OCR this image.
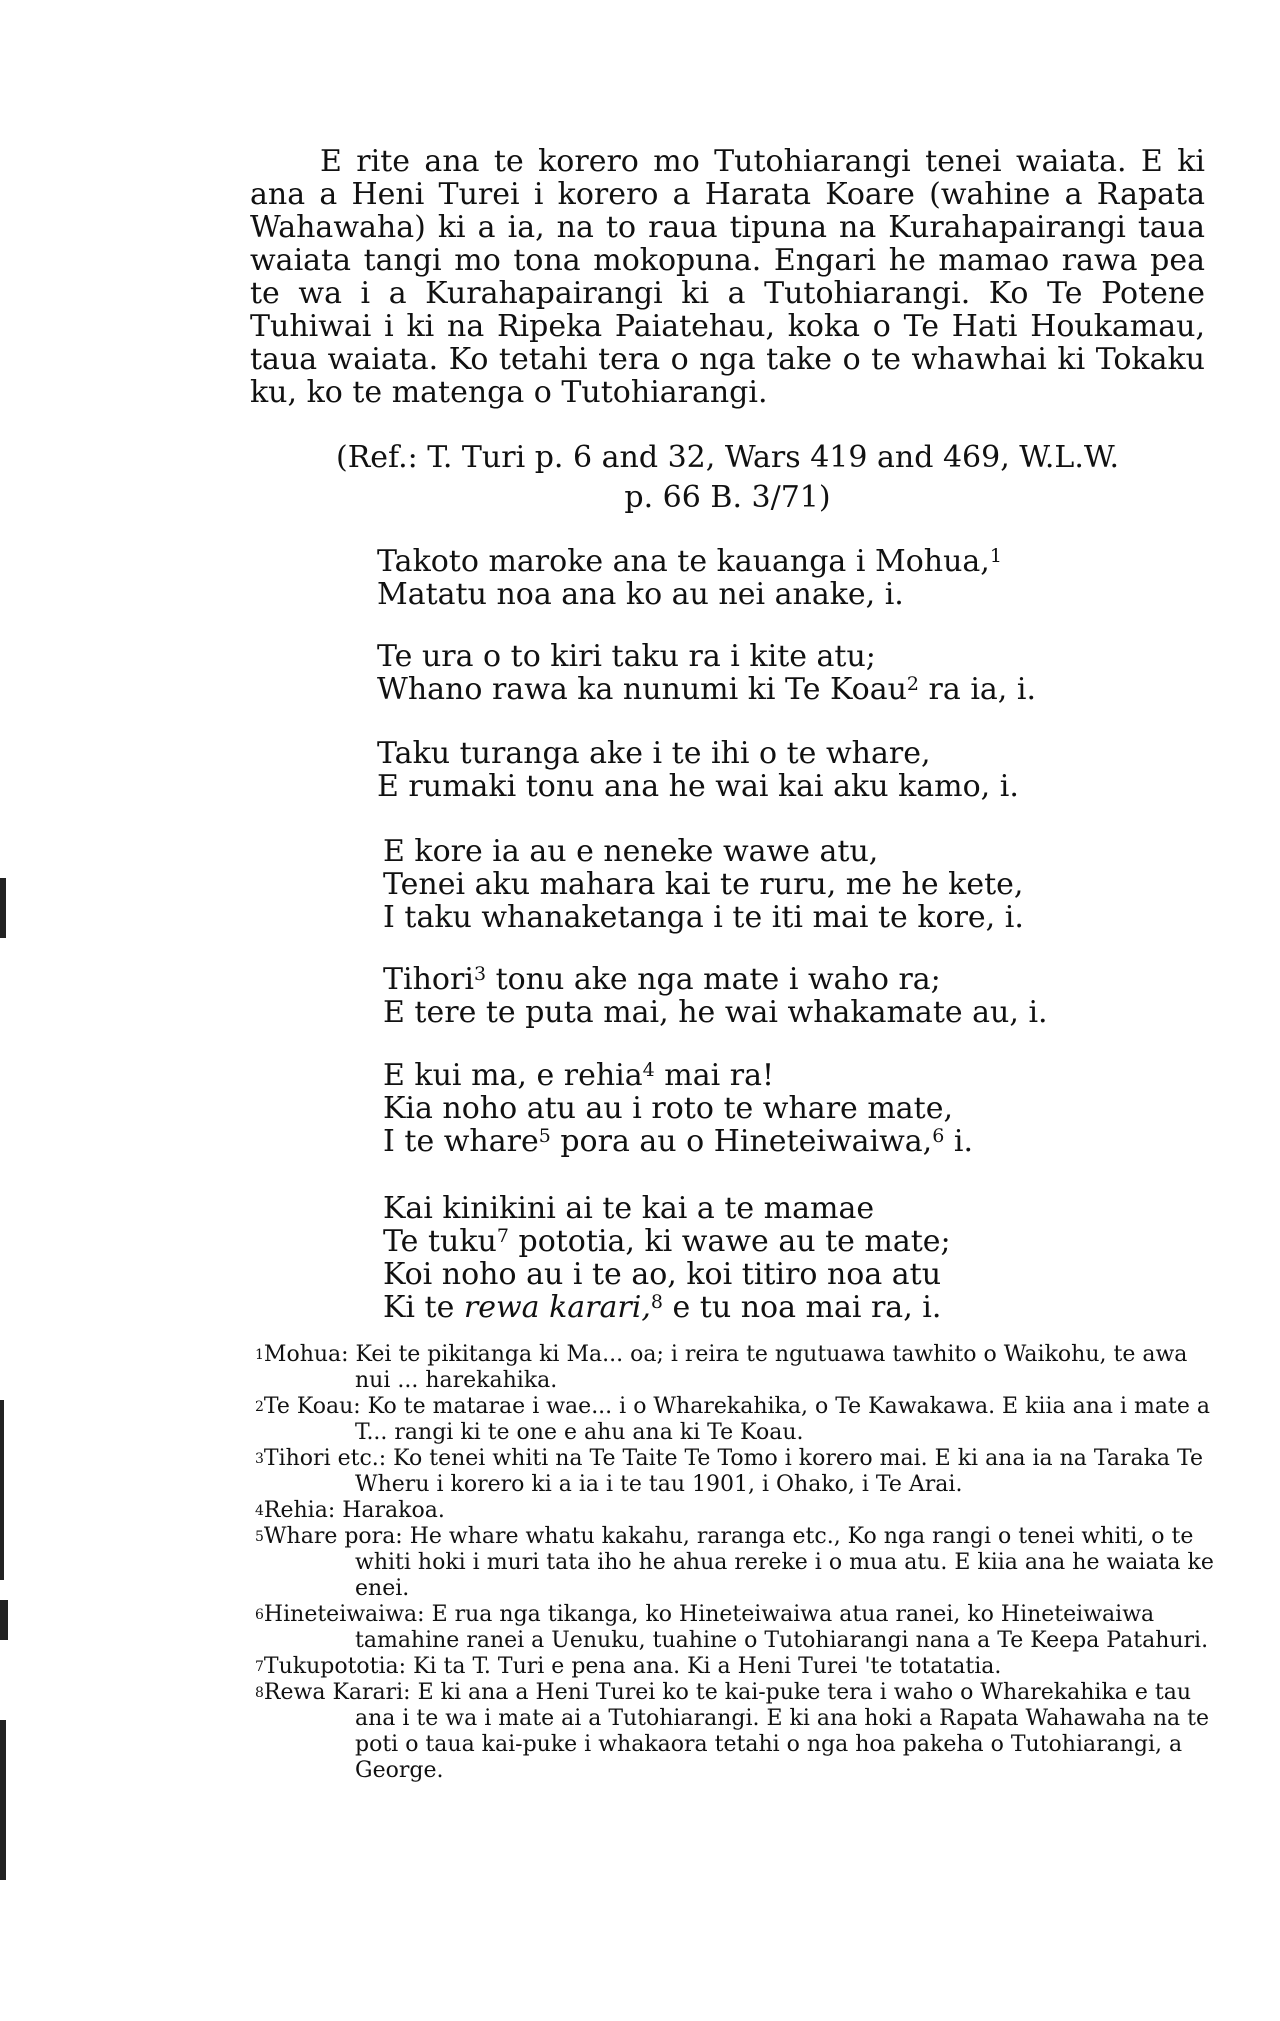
E rite ana te korero mo Tutohiarangi tenei waiata. E ki ana a Heni Turei i korero a Harata Koare (wahine a Rapata Wahawaha) ki a ia, na to raua tipuna na Kurahapairangi taua waiata tangi mo tona mokopuna. Engari he mamao rawa pea te wa i a Kurahapairangi ki a Tutohiarangi. Ko Te Potene Tuhiwai i ki na Ripeka Paiatehau, koka o Te Hati Houkamau, taua waiata. Ko tetahi tera o nga take o te whawhai ki Tokaku ku, ko te matenga o Tutohiarangi.

(Ref.: T. Turi p. 6 and 32, Wars 419 and 469, W.L.W.
p. 66 B. 3/71)
Takoto maroke ana te kauanga i Mohua,$^1$
Matatu noa ana ko au nei anake, i.
Te ura o to kiri taku ra i kite atu;
Whano rawa ka nunumi ki Te Koau$^2$ ra ia, i.
Taku turanga ake i te ihi o te whare,
E rumaki tonu ana he wai kai aku kamo, i.
E kore ia au e neneke wawe atu,
Tenei aku mahara kai te ruru, me he kete,
I taku whanaketanga i te iti mai te kore, i.
Tihori$^3$ tonu ake nga mate i waho ra;
E tere te puta mai, he wai whakamate au, i.
E kui ma, e rehia$^4$ mai ra!
Kia noho atu au i roto te whare mate,
I te whare$^5$ pora au o Hineteiwaiwa,$^6$ i.
Kai kinikini ai te kai a te mamae
Te tuku$^7$ pototia, ki wawe au te mate;
Koi noho au i te ao, koi titiro noa atu
Ki te rewa karari,$^8$ e tu noa mai ra, i.
1Mohua: Kei te pikitanga ki Ma... oa; i reira te ngutuawa tawhito o Waikohu, te awa nui ... harekahika.
2Te Koau: Ko te matarae i wae... i o Wharekahika, o Te Kawakawa. E kiia ana i mate a T... rangi ki te one e ahu ana ki Te Koau.
3Tihori etc.: Ko tenei whiti na Te Taite Te Tomo i korero mai. E ki ana ia na Taraka Te Wheru i korero ki a ia i te tau 1901, i Ohako, i Te Arai.
4Rehia: Harakoa.
5Whare pora: He whare whatu kakahu, raranga etc., Ko nga rangi o tenei whiti, o te whiti hoki i muri tata iho he ahua rereke i o mua atu. E kiia ana he waiata ke enei.
6Hineteiwaiwa: E rua nga tikanga, ko Hineteiwaiwa atua ranei, ko Hineteiwaiwa tamahine ranei a Uenuku, tuahine o Tutohiarangi nana a Te Keepa Patahuri.
7Tukupototia: Ki ta T. Turi e pena ana. Ki a Heni Turei 'te totatatia.
8Rewa Karari: E ki ana a Heni Turei ko te kai-puke tera i waho o Wharekahika e tau ana i te wa i mate ai a Tutohiarangi. E ki ana hoki a Rapata Wahawaha na te poti o taua kai-puke i whakaora tetahi o nga hoa pakeha o Tutohiarangi, a George.
